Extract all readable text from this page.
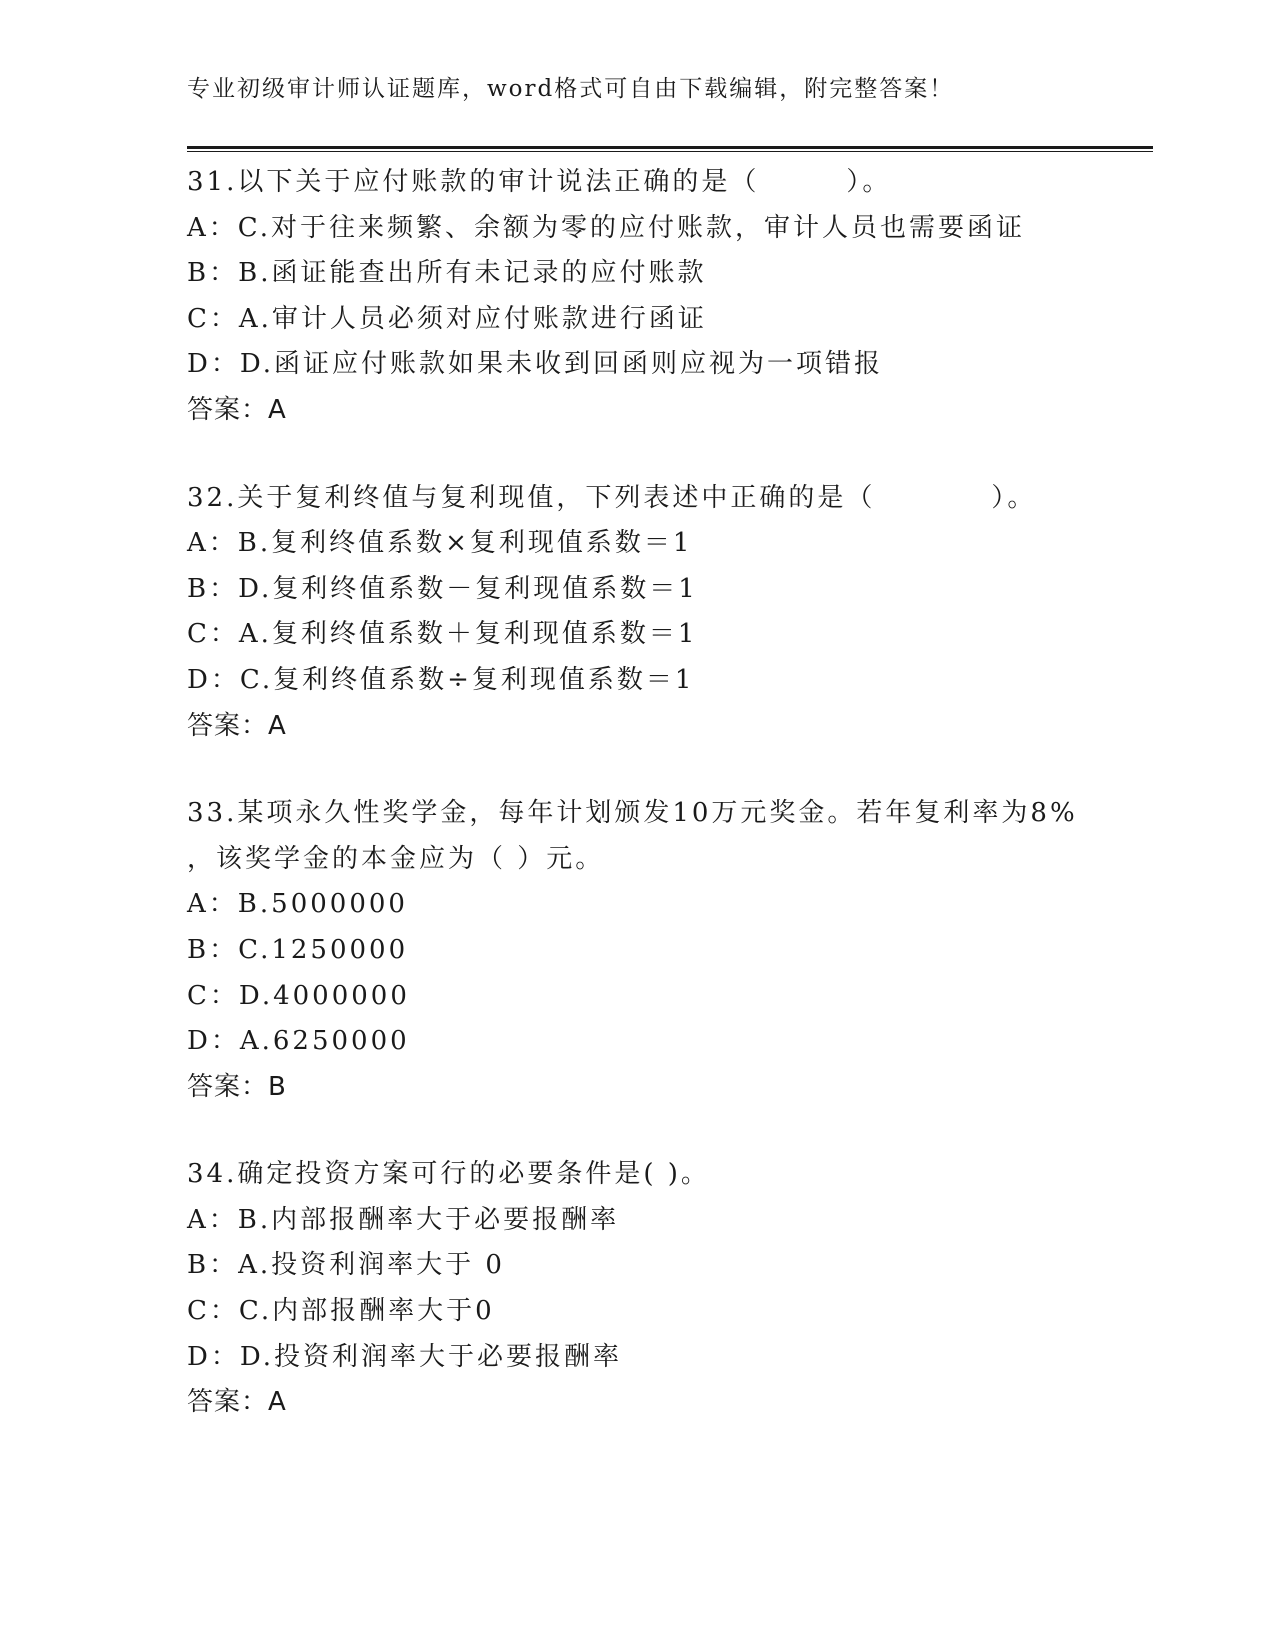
专业初级审计师认证题库，word格式可自由下载编辑，附完整答案！
31.以下关于应付账款的审计说法正确的是（　　　）。
A：C.对于往来频繁、余额为零的应付账款，审计人员也需要函证
B：B.函证能查出所有未记录的应付账款
C：A.审计人员必须对应付账款进行函证
D：D.函证应付账款如果未收到回函则应视为一项错报
答案：A
32.关于复利终值与复利现值，下列表述中正确的是（　　　　）。
A：B.复利终值系数×复利现值系数＝1
B：D.复利终值系数－复利现值系数＝1
C：A.复利终值系数＋复利现值系数＝1
D：C.复利终值系数÷复利现值系数＝1
答案：A
33.某项永久性奖学金，每年计划颁发10万元奖金。若年复利率为8%
，该奖学金的本金应为（ ）元。
A：B.5000000
B：C.1250000
C：D.4000000
D：A.6250000
答案：B
34.确定投资方案可行的必要条件是( )。
A：B.内部报酬率大于必要报酬率
B：A.投资利润率大于 0
C：C.内部报酬率大于0
D：D.投资利润率大于必要报酬率
答案：A
